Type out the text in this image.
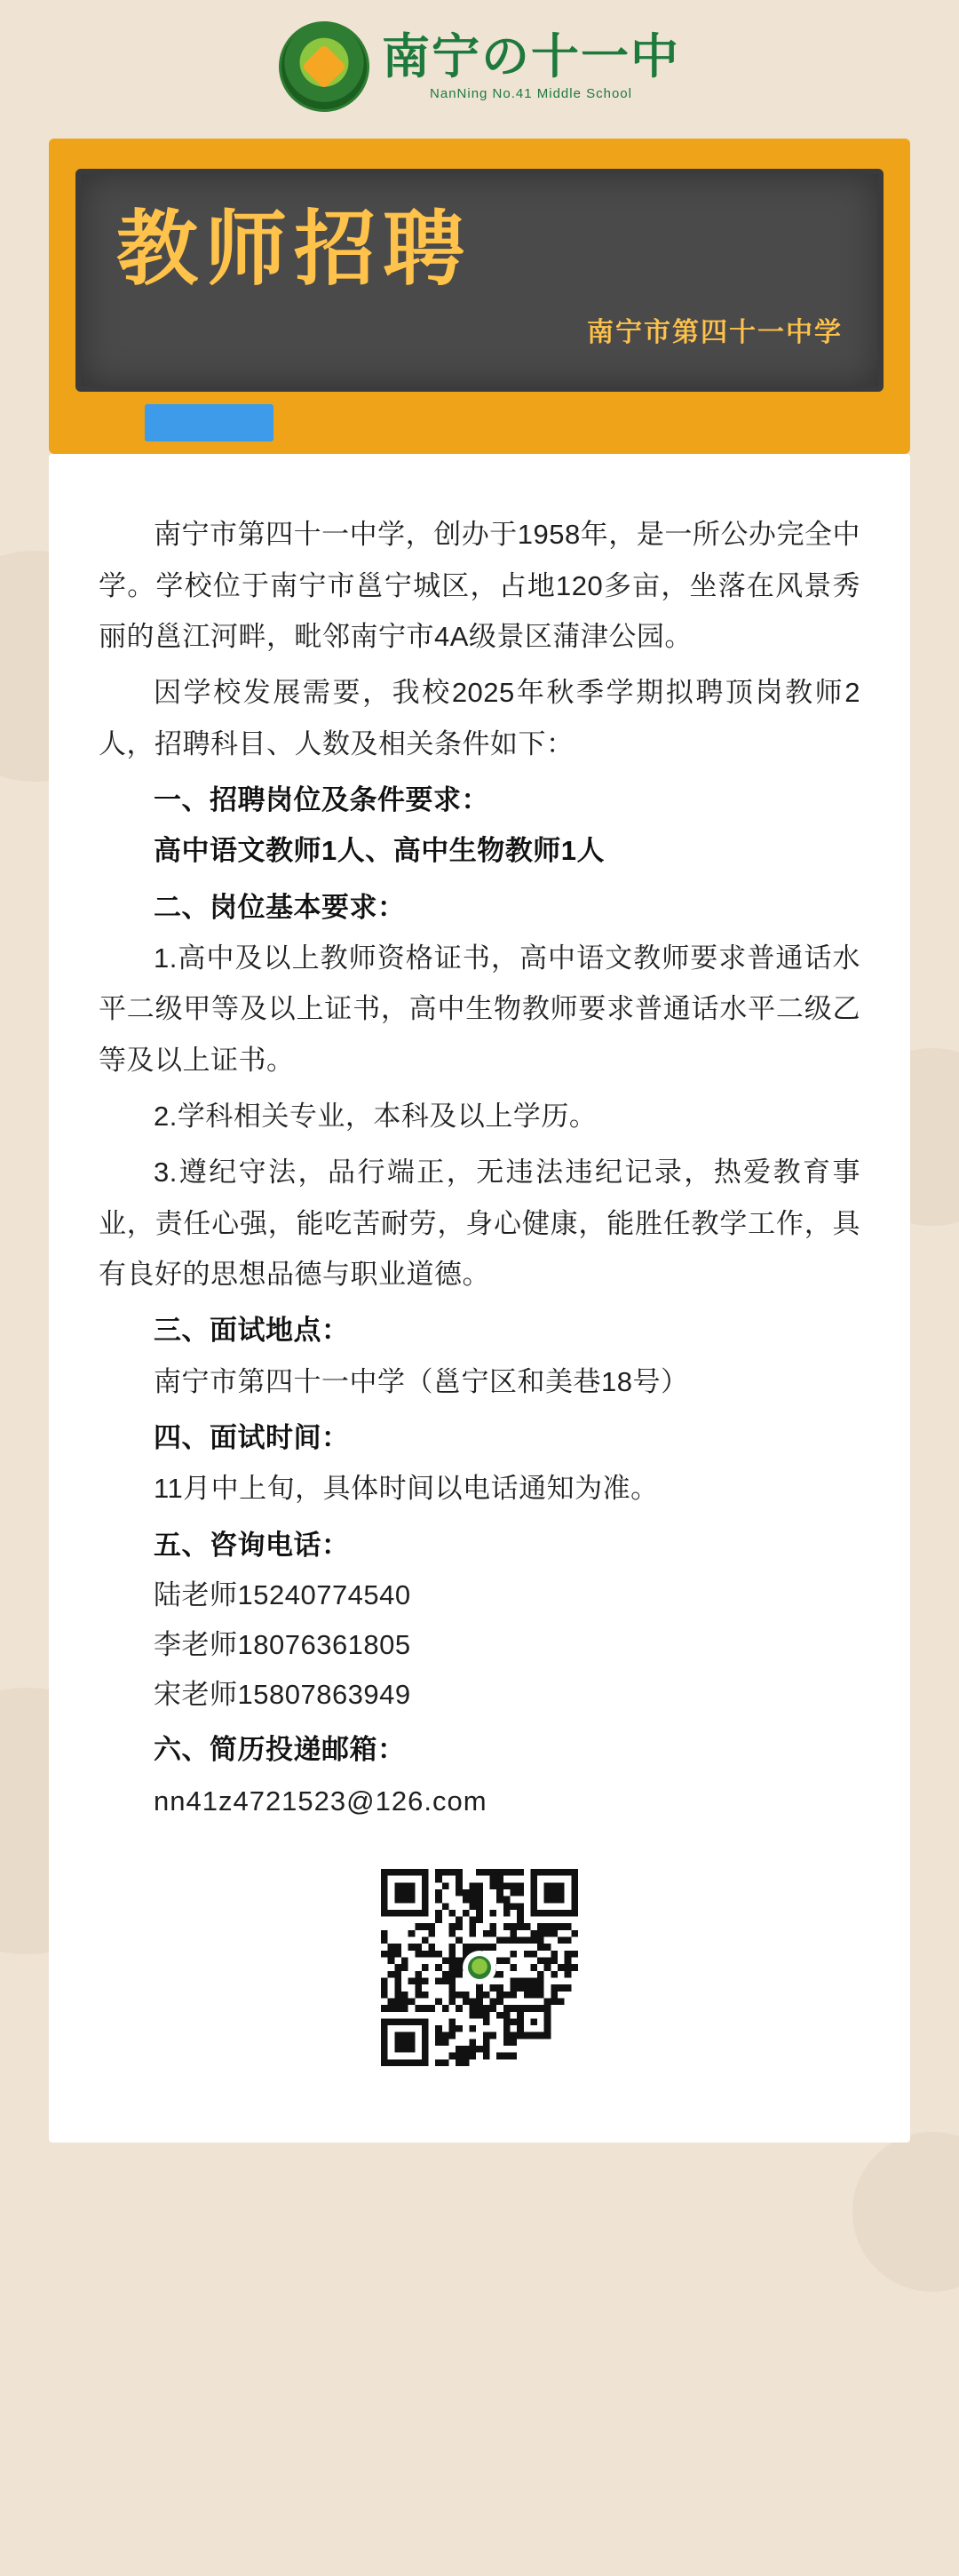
南宁の十一中
NanNing No.41 Middle School
教师招聘
南宁市第四十一中学

南宁市第四十一中学，创办于1958年，是一所公办完全中学。学校位于南宁市邕宁城区，占地120多亩，坐落在风景秀丽的邕江河畔，毗邻南宁市4A级景区蒲津公园。

因学校发展需要，我校2025年秋季学期拟聘顶岗教师2人，招聘科目、人数及相关条件如下：

一、招聘岗位及条件要求：

高中语文教师1人、高中生物教师1人

二、岗位基本要求：

1.高中及以上教师资格证书，高中语文教师要求普通话水平二级甲等及以上证书，高中生物教师要求普通话水平二级乙等及以上证书。

2.学科相关专业，本科及以上学历。

3.遵纪守法，品行端正，无违法违纪记录，热爱教育事业，责任心强，能吃苦耐劳，身心健康，能胜任教学工作，具有良好的思想品德与职业道德。

三、面试地点：

南宁市第四十一中学（邕宁区和美巷18号）

四、面试时间：

11月中上旬，具体时间以电话通知为准。

五、咨询电话：

陆老师15240774540

李老师18076361805

宋老师15807863949

六、简历投递邮箱：

nn41z4721523@126.com
